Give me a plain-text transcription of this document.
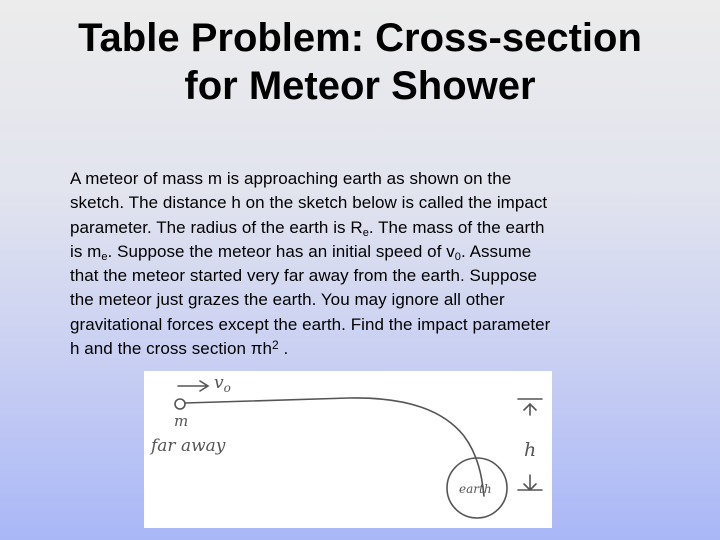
Table Problem: Cross-section
for Meteor Shower
A meteor of mass m is approaching earth as shown on the
sketch. The distance h on the sketch below is called the impact
parameter. The radius of the earth is $R_e$. The mass of the earth
is $m_e$. Suppose the meteor has an initial speed of $v_0$. Assume
that the meteor started very far away from the earth. Suppose
the meteor just grazes the earth. You may ignore all other
gravitational forces except the earth. Find the impact parameter
h and the cross section $\pi h^2$ .
$v_o$
m
far away
earth
h
